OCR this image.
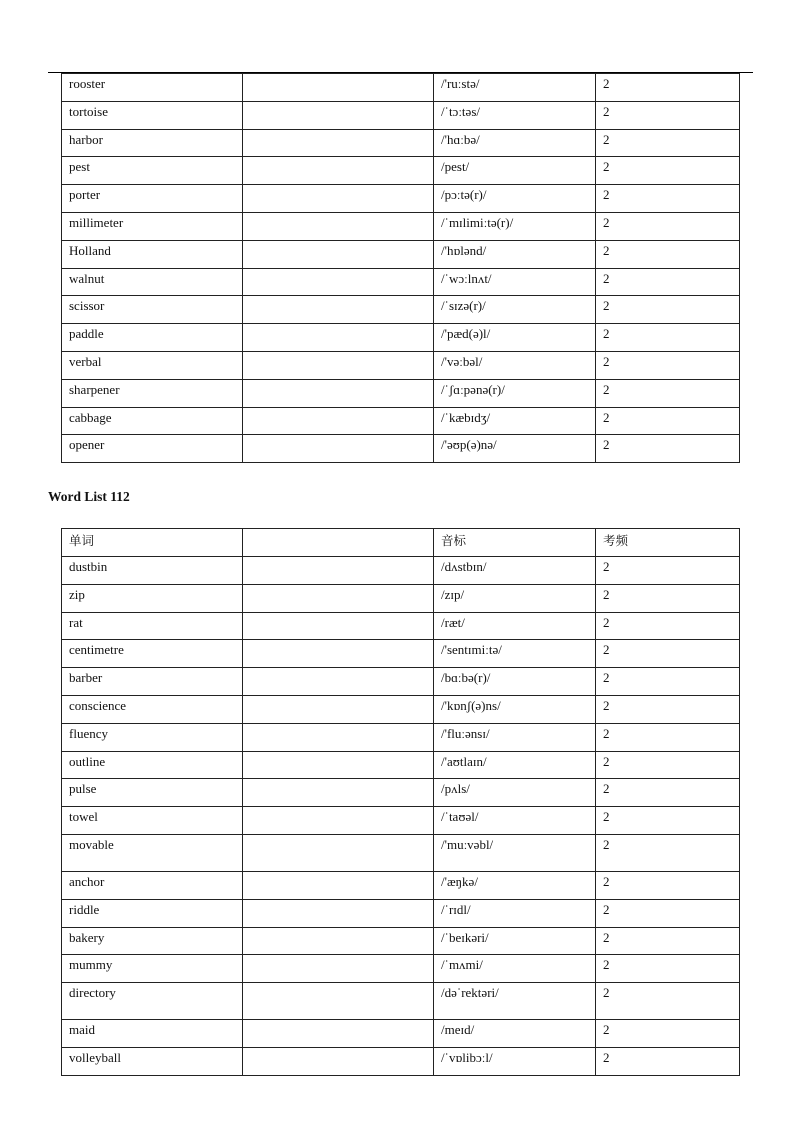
rooster		/'ruːstə/	2
tortoise		/ˈtɔːtəs/	2
harbor		/'hɑːbə/	2
pest		/pest/	2
porter		/pɔːtə(r)/	2
millimeter		/ˈmɪlimiːtə(r)/	2
Holland		/'hɒlənd/	2
walnut		/ˈwɔːlnʌt/	2
scissor		/ˈsɪzə(r)/	2
paddle		/'pæd(ə)l/	2
verbal		/'vəːbəl/	2
sharpener		/ˈʃɑːpənə(r)/	2
cabbage		/ˈkæbɪdʒ/	2
opener		/'əʊp(ə)nə/	2
Word List 112
单词		音标	考频
dustbin		/dʌstbɪn/	2
zip		/zɪp/	2
rat		/ræt/	2
centimetre		/'sentɪmiːtə/	2
barber		/bɑːbə(r)/	2
conscience		/'kɒnʃ(ə)ns/	2
fluency		/'fluːənsɪ/	2
outline		/'aʊtlaɪn/	2
pulse		/pʌls/	2
towel		/ˈtaʊəl/	2
movable		/'muːvəbl/	2
anchor		/'æŋkə/	2
riddle		/ˈrɪdl/	2
bakery		/ˈbeɪkəri/	2
mummy		/ˈmʌmi/	2
directory		/dəˈrektəri/	2
maid		/meɪd/	2
volleyball		/ˈvɒlibɔːl/	2
